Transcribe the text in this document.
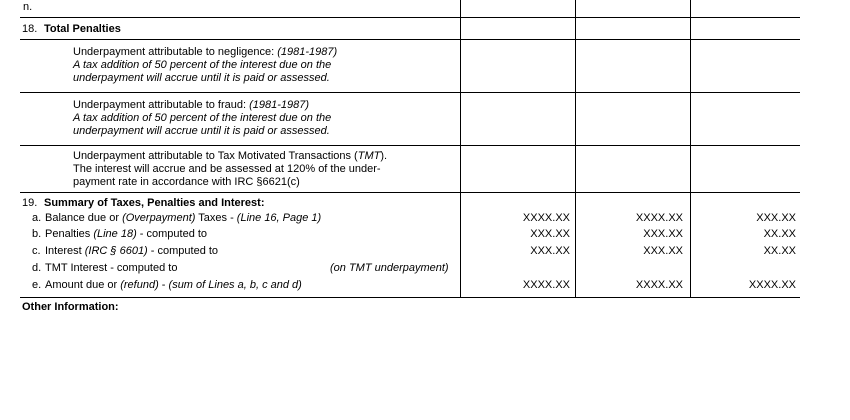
n.
18. Total Penalties
Underpayment attributable to negligence: (1981-1987)
A tax addition of 50 percent of the interest due on the
underpayment will accrue until it is paid or assessed.
Underpayment attributable to fraud: (1981-1987)
A tax addition of 50 percent of the interest due on the
underpayment will accrue until it is paid or assessed.
Underpayment attributable to Tax Motivated Transactions (TMT).
The interest will accrue and be assessed at 120% of the under-
payment rate in accordance with IRC §6621(c)
19. Summary of Taxes, Penalties and Interest:
a. Balance due or (Overpayment) Taxes - (Line 16, Page 1)
b. Penalties (Line 18) - computed to
c. Interest (IRC § 6601) - computed to
d. TMT Interest - computed to	(on TMT underpayment)
e. Amount due or (refund) - (sum of Lines a, b, c and d)
XXXX.XX
XXX.XX
XXX.XX
XXXX.XX
XXXX.XX
XXX.XX
XXX.XX
XXXX.XX
XXX.XX
XX.XX
XX.XX
XXXX.XX
Other Information:
